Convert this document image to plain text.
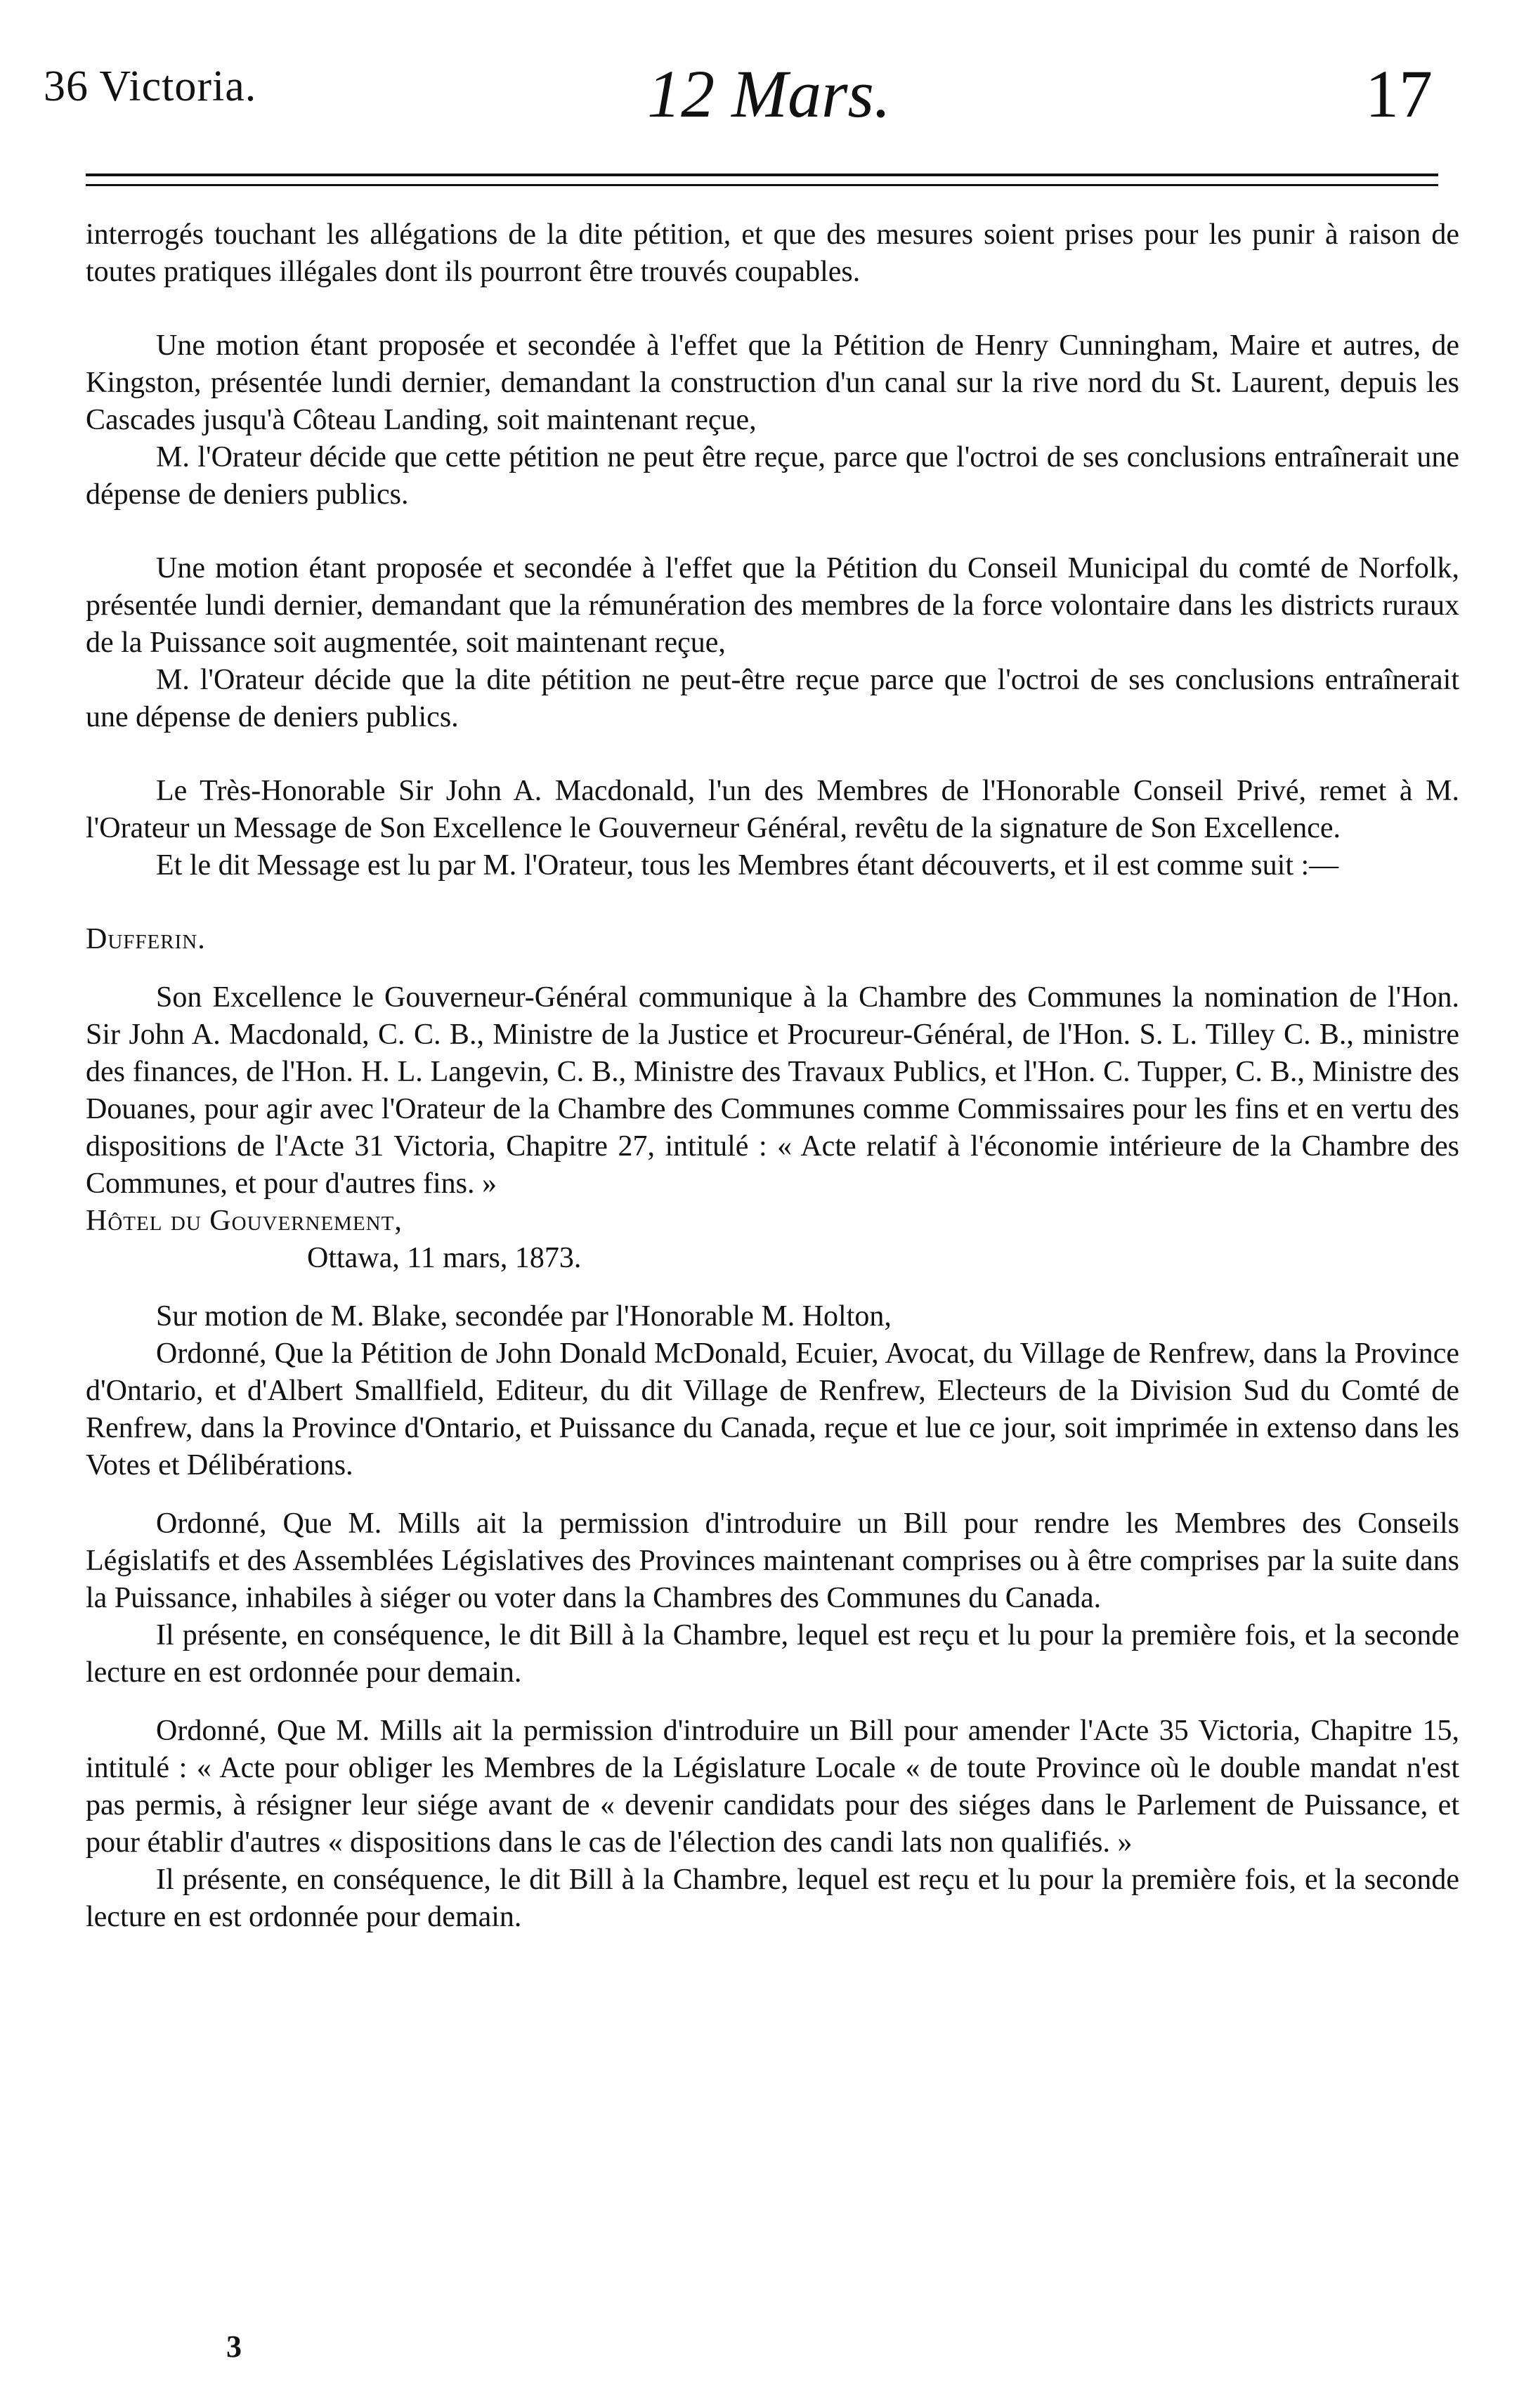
36 Victoria.	12 Mars.	17

interrogés touchant les allégations de la dite pétition, et que des mesures soient prises pour les punir à raison de toutes pratiques illégales dont ils pourront être trouvés coupables.

Une motion étant proposée et secondée à l'effet que la Pétition de Henry Cunningham, Maire et autres, de Kingston, présentée lundi dernier, demandant la construction d'un canal sur la rive nord du St. Laurent, depuis les Cascades jusqu'à Côteau Landing, soit maintenant reçue,

M. l'Orateur décide que cette pétition ne peut être reçue, parce que l'octroi de ses conclusions entraînerait une dépense de deniers publics.

Une motion étant proposée et secondée à l'effet que la Pétition du Conseil Municipal du comté de Norfolk, présentée lundi dernier, demandant que la rémunération des membres de la force volontaire dans les districts ruraux de la Puissance soit augmentée, soit maintenant reçue,

M. l'Orateur décide que la dite pétition ne peut-être reçue parce que l'octroi de ses conclusions entraînerait une dépense de deniers publics.

Le Très-Honorable Sir John A. Macdonald, l'un des Membres de l'Honorable Conseil Privé, remet à M. l'Orateur un Message de Son Excellence le Gouverneur Général, revêtu de la signature de Son Excellence.

Et le dit Message est lu par M. l'Orateur, tous les Membres étant découverts, et il est comme suit :—

Dufferin.

Son Excellence le Gouverneur-Général communique à la Chambre des Communes la nomination de l'Hon. Sir John A. Macdonald, C. C. B., Ministre de la Justice et Procureur-Général, de l'Hon. S. L. Tilley C. B., ministre des finances, de l'Hon. H. L. Langevin, C. B., Ministre des Travaux Publics, et l'Hon. C. Tupper, C. B., Ministre des Douanes, pour agir avec l'Orateur de la Chambre des Communes comme Commissaires pour les fins et en vertu des dispositions de l'Acte 31 Victoria, Chapitre 27, intitulé : « Acte relatif à l'économie intérieure de la Chambre des Communes, et pour d'autres fins. »

Hôtel du Gouvernement,

Ottawa, 11 mars, 1873.

Sur motion de M. Blake, secondée par l'Honorable M. Holton,

Ordonné, Que la Pétition de John Donald McDonald, Ecuier, Avocat, du Village de Renfrew, dans la Province d'Ontario, et d'Albert Smallfield, Editeur, du dit Village de Renfrew, Electeurs de la Division Sud du Comté de Renfrew, dans la Province d'Ontario, et Puissance du Canada, reçue et lue ce jour, soit imprimée in extenso dans les Votes et Délibérations.

Ordonné, Que M. Mills ait la permission d'introduire un Bill pour rendre les Membres des Conseils Législatifs et des Assemblées Législatives des Provinces maintenant comprises ou à être comprises par la suite dans la Puissance, inhabiles à siéger ou voter dans la Chambres des Communes du Canada.

Il présente, en conséquence, le dit Bill à la Chambre, lequel est reçu et lu pour la première fois, et la seconde lecture en est ordonnée pour demain.

Ordonné, Que M. Mills ait la permission d'introduire un Bill pour amender l'Acte 35 Victoria, Chapitre 15, intitulé : « Acte pour obliger les Membres de la Législature Locale « de toute Province où le double mandat n'est pas permis, à résigner leur siége avant de « devenir candidats pour des siéges dans le Parlement de Puissance, et pour établir d'autres « dispositions dans le cas de l'élection des candi lats non qualifiés. »

Il présente, en conséquence, le dit Bill à la Chambre, lequel est reçu et lu pour la première fois, et la seconde lecture en est ordonnée pour demain.

3
